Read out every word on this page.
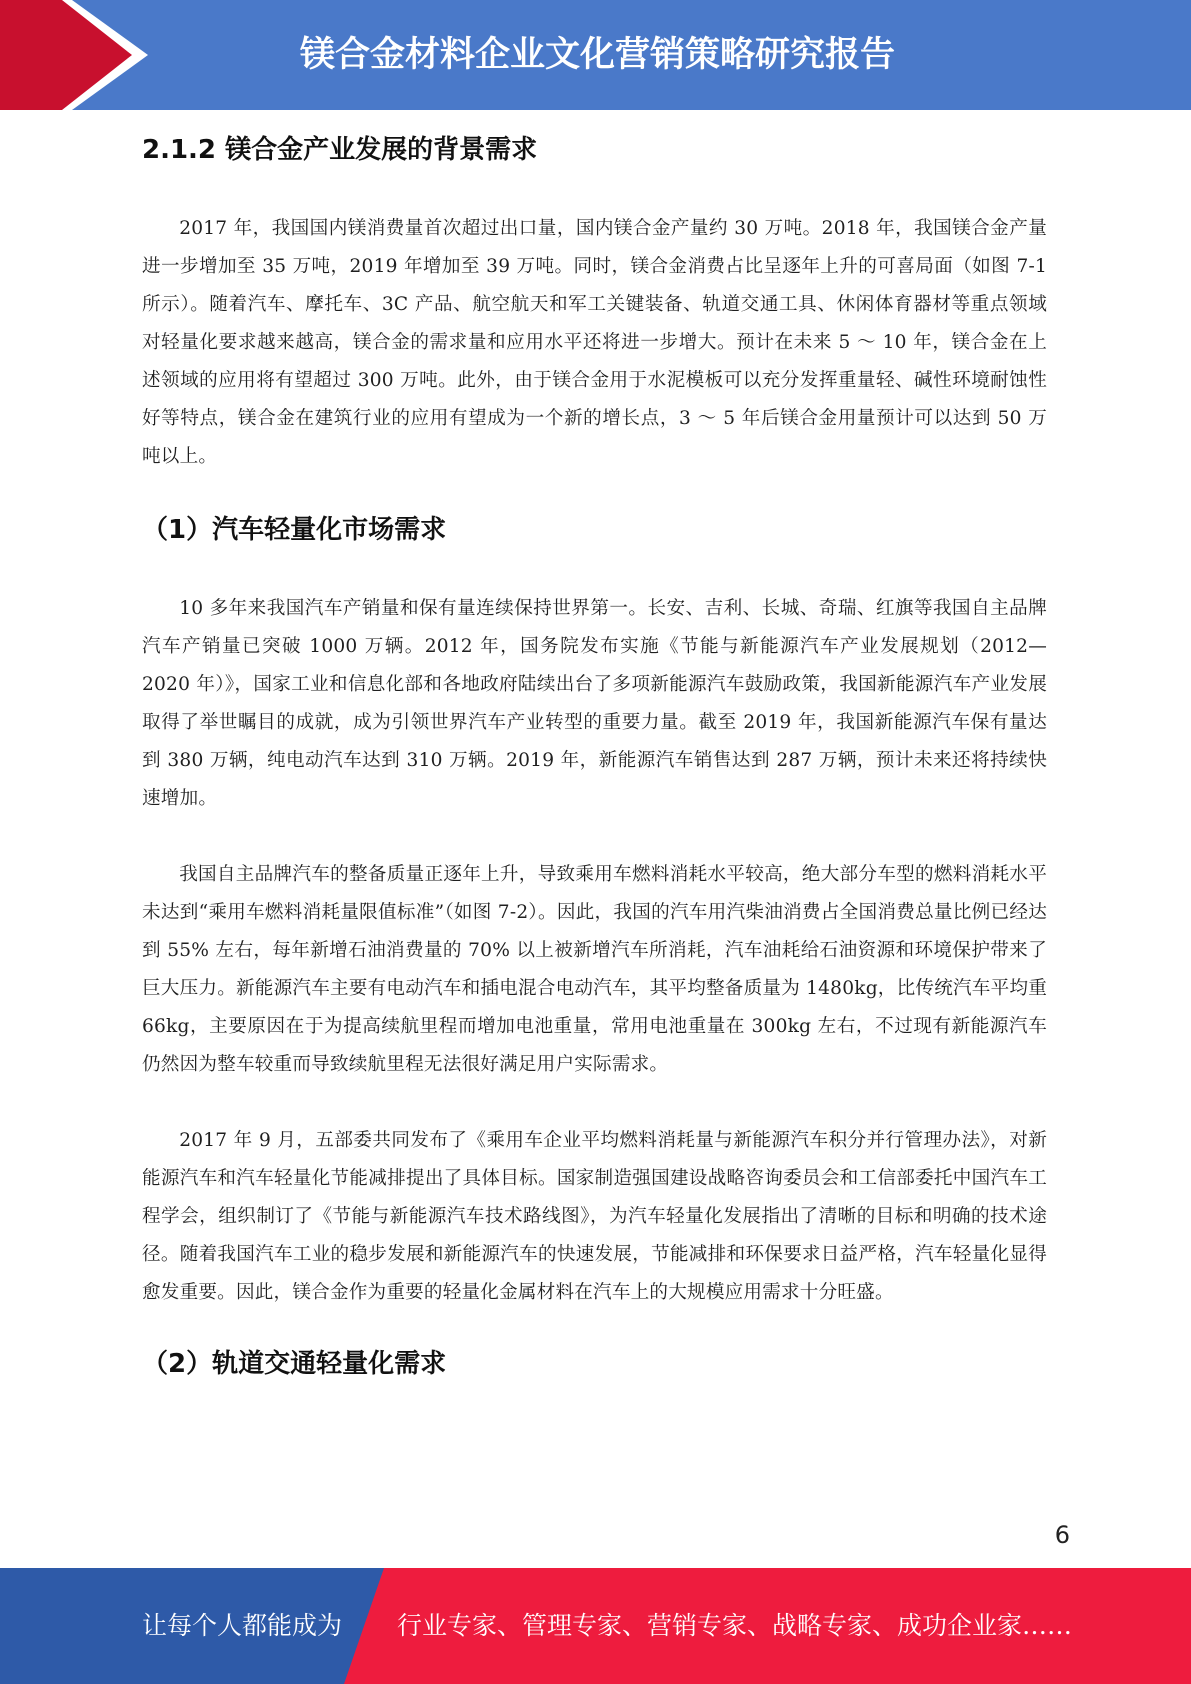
镁合金材料企业文化营销策略研究报告
2.1.2 镁合金产业发展的背景需求

2017 年，我国国内镁消费量首次超过出口量，国内镁合金产量约 30 万吨。2018 年，我国镁合金产量进一步增加至 35 万吨，2019 年增加至 39 万吨。同时，镁合金消费占比呈逐年上升的可喜局面（如图 7-1 所示）。随着汽车、摩托车、3C 产品、航空航天和军工关键装备、轨道交通工具、休闲体育器材等重点领域对轻量化要求越来越高，镁合金的需求量和应用水平还将进一步增大。预计在未来 5 ～ 10 年，镁合金在上述领域的应用将有望超过 300 万吨。此外，由于镁合金用于水泥模板可以充分发挥重量轻、碱性环境耐蚀性好等特点，镁合金在建筑行业的应用有望成为一个新的增长点，3 ～ 5 年后镁合金用量预计可以达到 50 万吨以上。

（1）汽车轻量化市场需求

10 多年来我国汽车产销量和保有量连续保持世界第一。长安、吉利、长城、奇瑞、红旗等我国自主品牌汽车产销量已突破 1000 万辆。2012 年，国务院发布实施《节能与新能源汽车产业发展规划（2012—2020 年）》，国家工业和信息化部和各地政府陆续出台了多项新能源汽车鼓励政策，我国新能源汽车产业发展取得了举世瞩目的成就，成为引领世界汽车产业转型的重要力量。截至 2019 年，我国新能源汽车保有量达到 380 万辆，纯电动汽车达到 310 万辆。2019 年，新能源汽车销售达到 287 万辆，预计未来还将持续快速增加。

我国自主品牌汽车的整备质量正逐年上升，导致乘用车燃料消耗水平较高，绝大部分车型的燃料消耗水平未达到“乘用车燃料消耗量限值标准”（如图 7-2）。因此，我国的汽车用汽柴油消费占全国消费总量比例已经达到 55% 左右，每年新增石油消费量的 70% 以上被新增汽车所消耗，汽车油耗给石油资源和环境保护带来了巨大压力。新能源汽车主要有电动汽车和插电混合电动汽车，其平均整备质量为 1480kg，比传统汽车平均重 66kg，主要原因在于为提高续航里程而增加电池重量，常用电池重量在 300kg 左右，不过现有新能源汽车仍然因为整车较重而导致续航里程无法很好满足用户实际需求。

2017 年 9 月，五部委共同发布了《乘用车企业平均燃料消耗量与新能源汽车积分并行管理办法》，对新能源汽车和汽车轻量化节能减排提出了具体目标。国家制造强国建设战略咨询委员会和工信部委托中国汽车工程学会，组织制订了《节能与新能源汽车技术路线图》，为汽车轻量化发展指出了清晰的目标和明确的技术途径。随着我国汽车工业的稳步发展和新能源汽车的快速发展，节能减排和环保要求日益严格，汽车轻量化显得愈发重要。因此，镁合金作为重要的轻量化金属材料在汽车上的大规模应用需求十分旺盛。

（2）轨道交通轻量化需求
6
让每个人都能成为 行业专家、管理专家、营销专家、战略专家、成功企业家……
